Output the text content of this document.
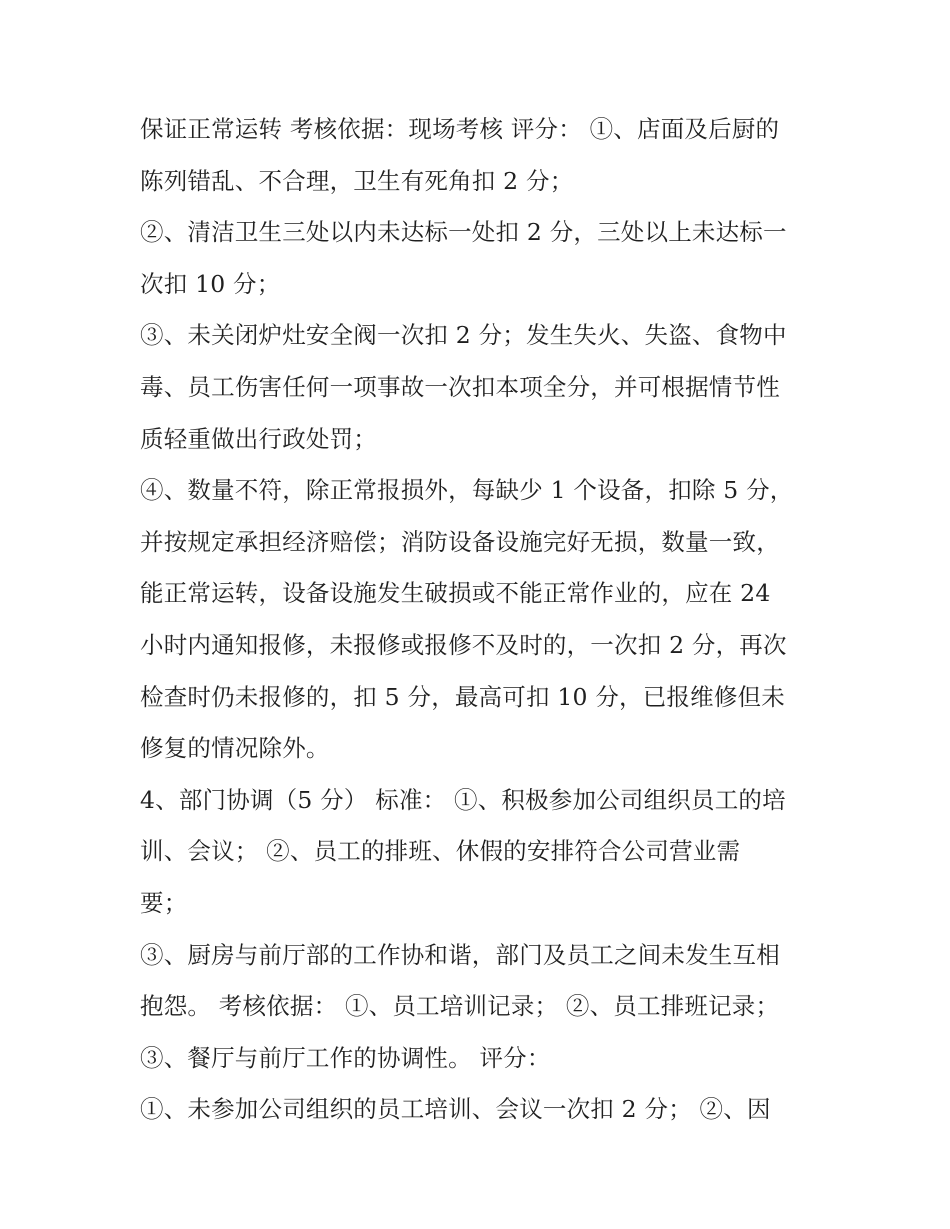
保证正常运转 考核依据：现场考核 评分： ①、店面及后厨的
陈列错乱、不合理，卫生有死角扣 2 分；
②、清洁卫生三处以内未达标一处扣 2 分，三处以上未达标一
次扣 10 分；
③、未关闭炉灶安全阀一次扣 2 分；发生失火、失盗、食物中
毒、员工伤害任何一项事故一次扣本项全分，并可根据情节性
质轻重做出行政处罚；
④、数量不符，除正常报损外，每缺少 1 个设备，扣除 5 分，
并按规定承担经济赔偿；消防设备设施完好无损，数量一致，
能正常运转，设备设施发生破损或不能正常作业的，应在 24
小时内通知报修，未报修或报修不及时的，一次扣 2 分，再次
检查时仍未报修的，扣 5 分，最高可扣 10 分，已报维修但未
修复的情况除外。
4、部门协调（5 分） 标准： ①、积极参加公司组织员工的培
训、会议； ②、员工的排班、休假的安排符合公司营业需
要；
③、厨房与前厅部的工作协和谐，部门及员工之间未发生互相
抱怨。 考核依据： ①、员工培训记录； ②、员工排班记录；
③、餐厅与前厅工作的协调性。 评分：
①、未参加公司组织的员工培训、会议一次扣 2 分； ②、因
